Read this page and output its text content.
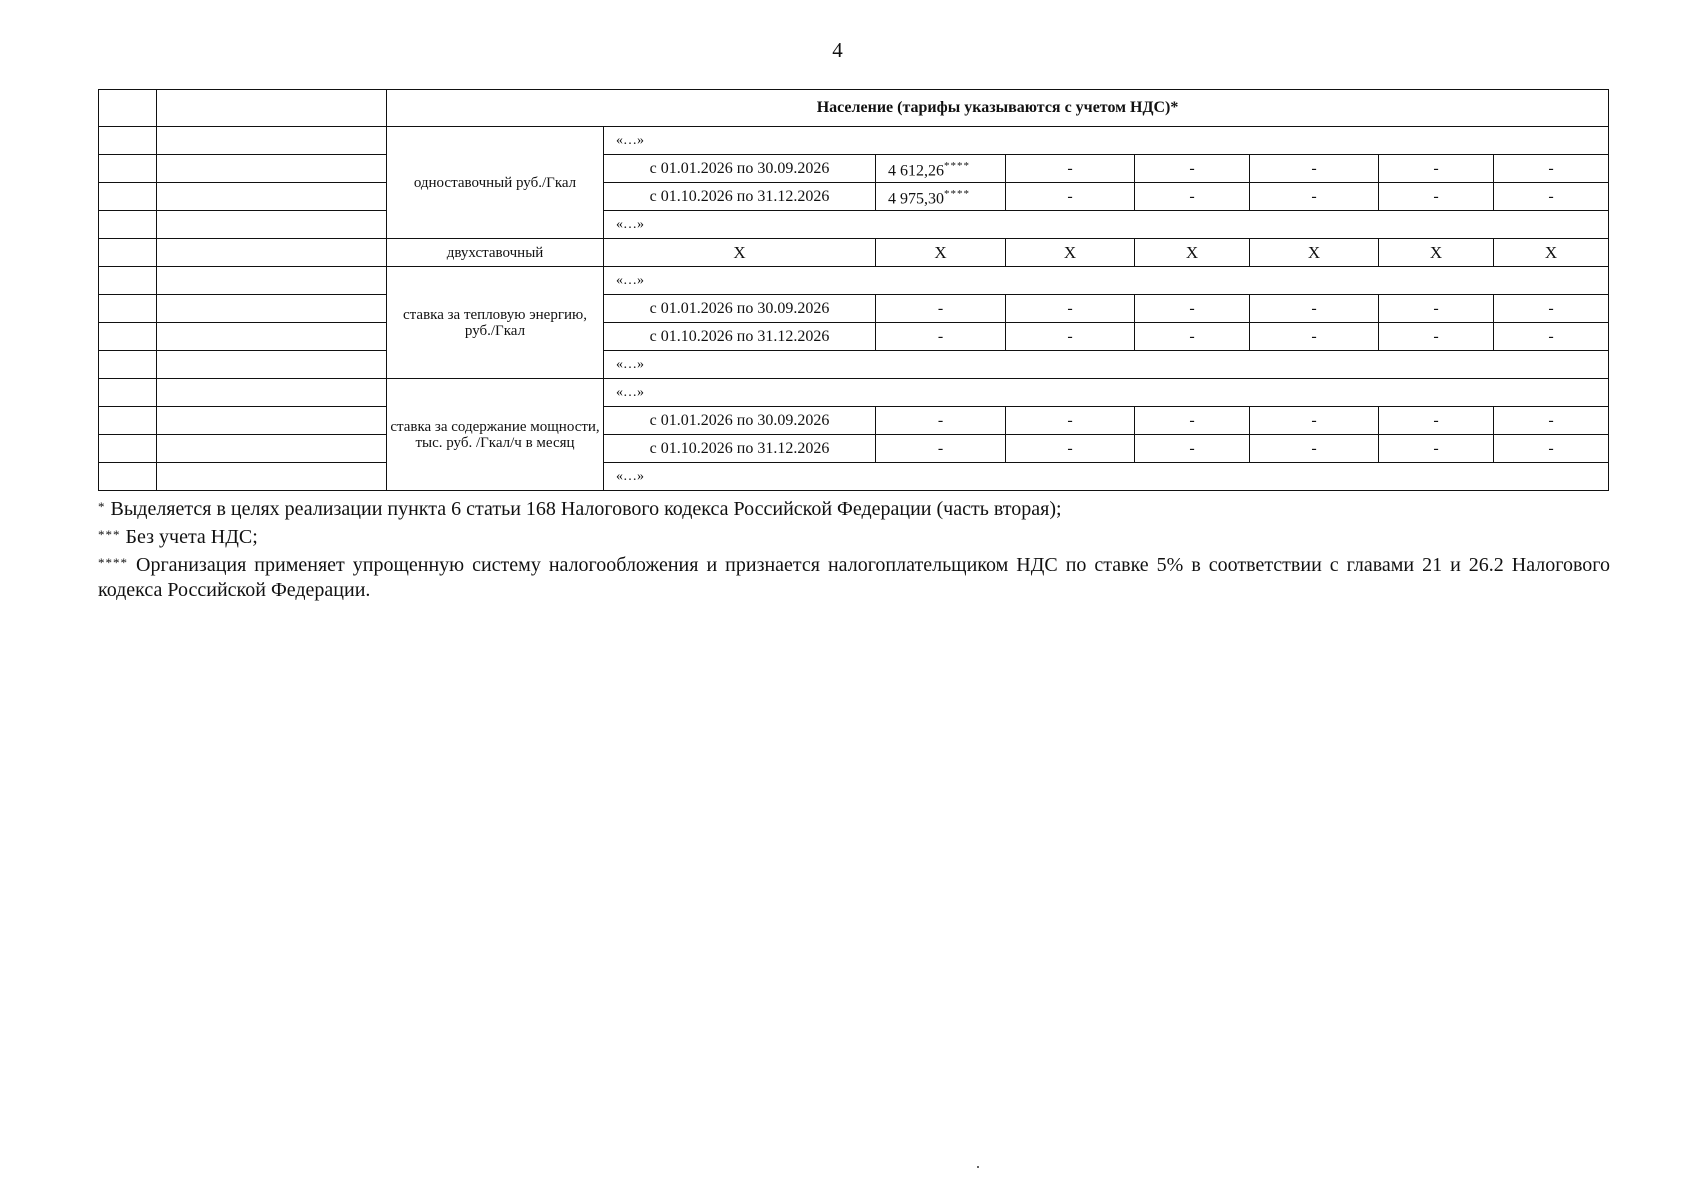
4
		Население (тарифы указываются с учетом НДС)*							
		одноставочный руб./Гкал	«…»						
			с 01.01.2026 по 30.09.2026	4 612,26****	-	-	-	-	-
			с 01.10.2026 по 31.12.2026	4 975,30****	-	-	-	-	-
			«…»						
		двухставочный	X	X	X	X	X	X	X
		ставка за тепловую энергию, руб./Гкал	«…»						
			с 01.01.2026 по 30.09.2026	-	-	-	-	-	-
			с 01.10.2026 по 31.12.2026	-	-	-	-	-	-
			«…»						
		ставка за содержание мощности, тыс. руб. /Гкал/ч в месяц	«…»						
			с 01.01.2026 по 30.09.2026	-	-	-	-	-	-
			с 01.10.2026 по 31.12.2026	-	-	-	-	-	-
			«…»						

* Выделяется в целях реализации пункта 6 статьи 168 Налогового кодекса Российской Федерации (часть вторая);

*** Без учета НДС;

**** Организация применяет упрощенную систему налогообложения и признается налогоплательщиком НДС по ставке 5% в соответствии с главами 21 и 26.2 Налогового кодекса Российской Федерации.
